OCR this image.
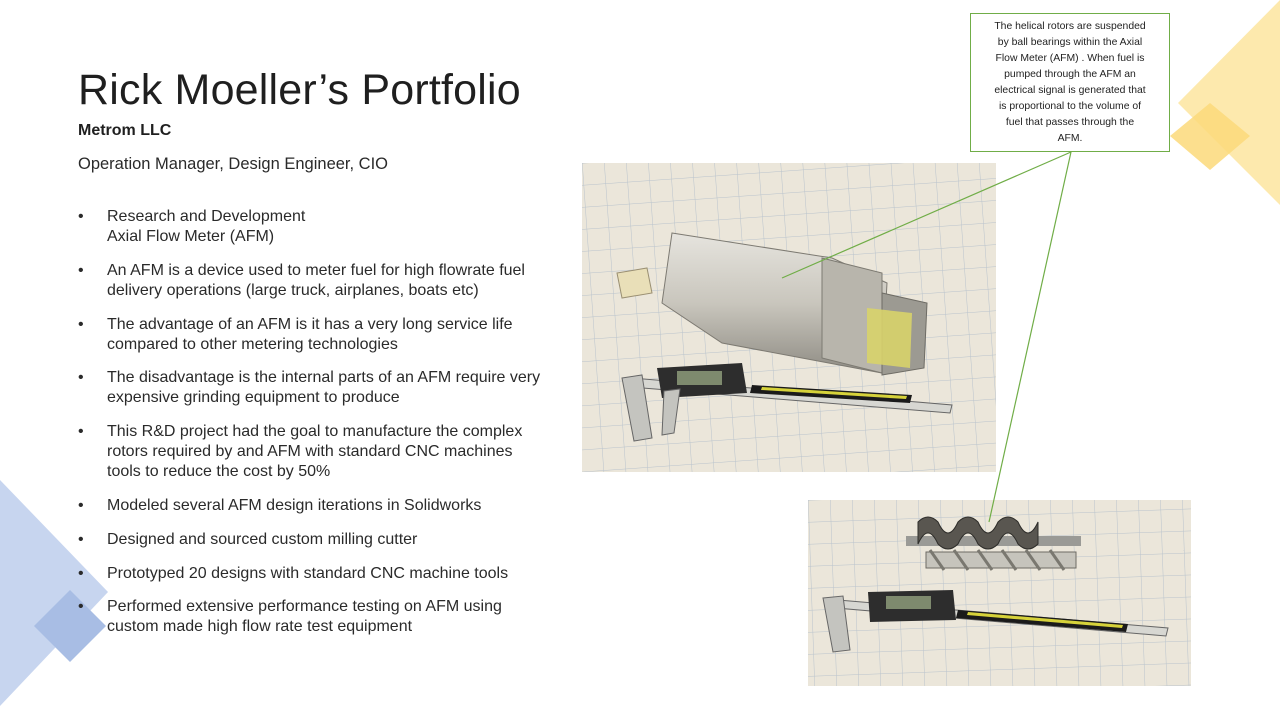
Rick Moeller’s Portfolio

Metrom LLC

Operation Manager, Design Engineer, CIO

• Research and Development
Axial Flow Meter (AFM)
• An AFM is a device used to meter fuel for high flowrate fuel
delivery operations (large truck, airplanes, boats etc)
• The advantage of an AFM is it has a very long service life
compared to other metering technologies
• The disadvantage is the internal parts of an AFM require very
expensive grinding equipment to produce
• This R&D project had the goal to manufacture the complex
rotors required by and AFM with standard CNC machines
tools to reduce the cost by 50%
• Modeled several AFM design iterations in Solidworks
• Designed and sourced custom milling cutter
• Prototyped 20 designs with standard CNC machine tools
• Performed extensive performance testing on AFM using
custom made high flow rate test equipment
The helical rotors are suspended
by ball bearings within the Axial
Flow Meter (AFM) . When fuel is
pumped through the AFM an
electrical signal is generated that
is proportional to the volume of
fuel that passes through the
AFM.
